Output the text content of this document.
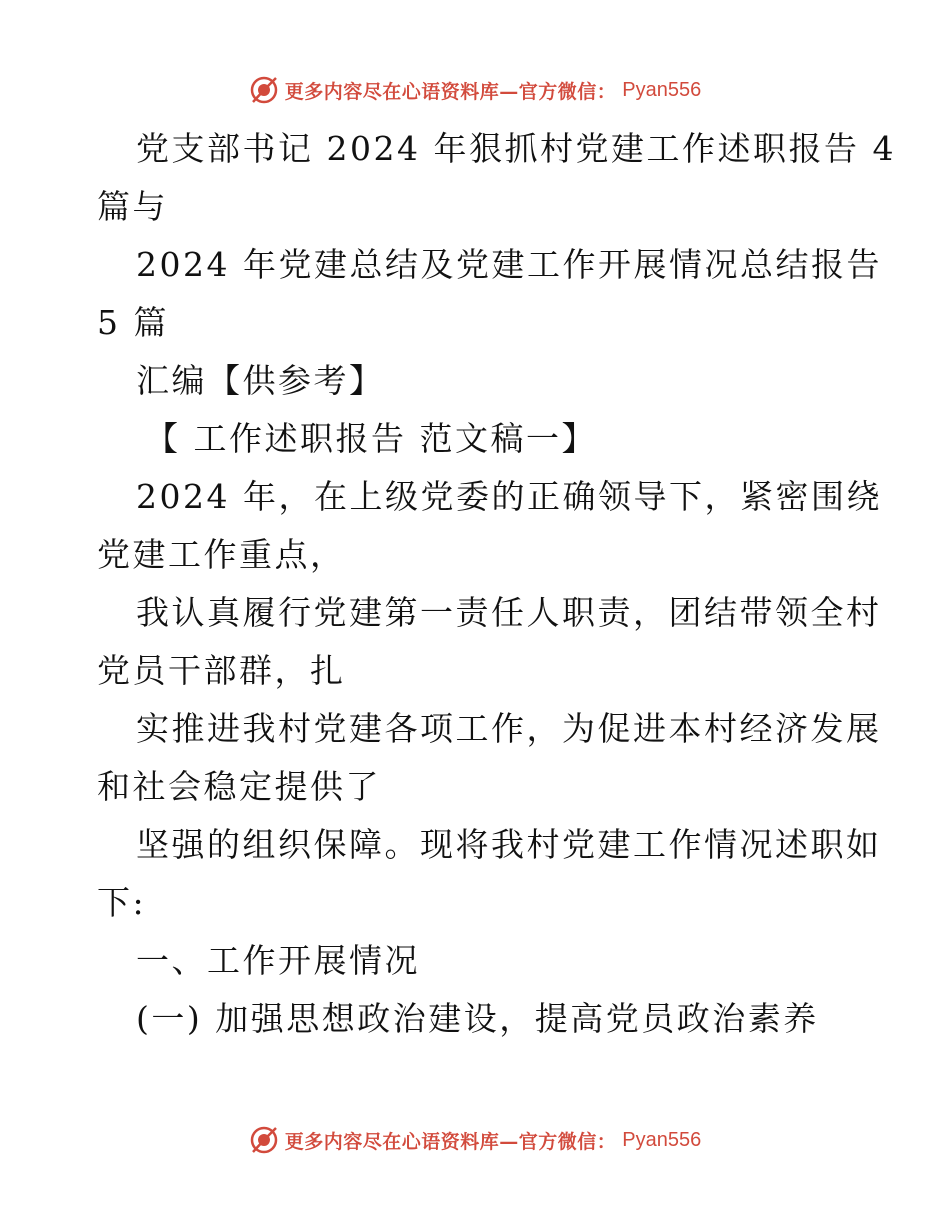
更多内容尽在心语资料库—官方微信： Pyan556

党支部书记 2024 年狠抓村党建工作述职报告 4

篇与

2024 年党建总结及党建工作开展情况总结报告

5 篇

汇编【供参考】

【 工作述职报告 范文稿一】

2024 年，在上级党委的正确领导下，紧密围绕

党建工作重点，

我认真履行党建第一责任人职责，团结带领全村

党员干部群，扎

实推进我村党建各项工作，为促进本村经济发展

和社会稳定提供了

坚强的组织保障。现将我村党建工作情况述职如

下:

一、工作开展情况

(一) 加强思想政治建设，提高党员政治素养

更多内容尽在心语资料库—官方微信： Pyan556
